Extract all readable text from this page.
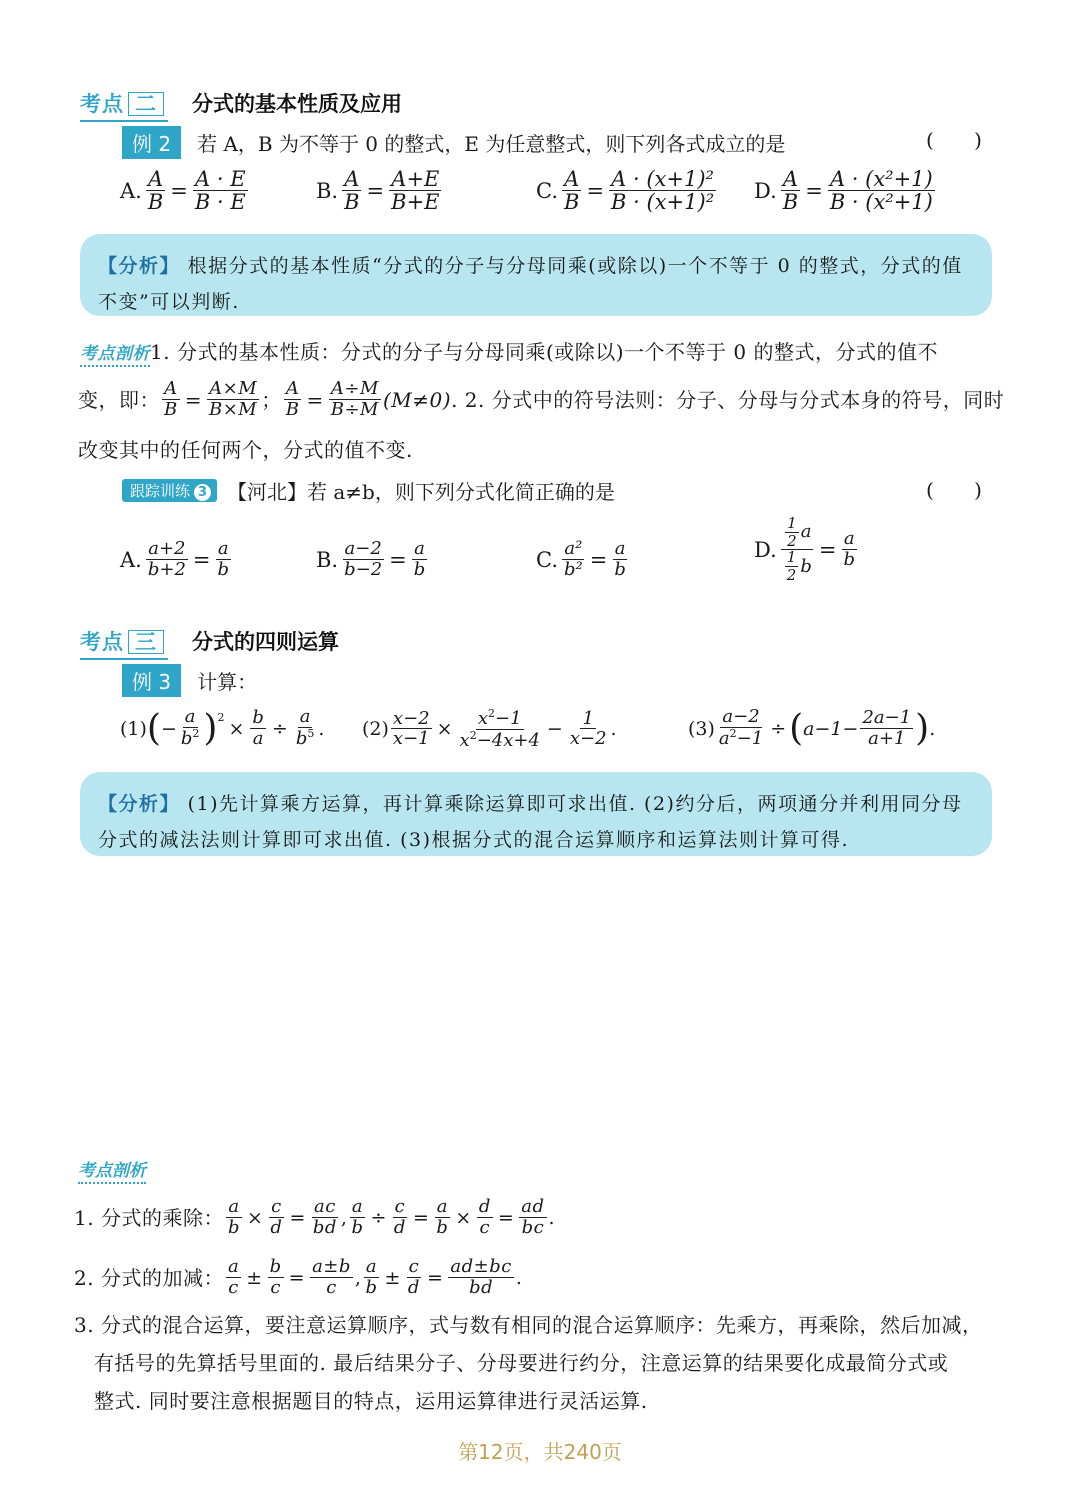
考点 二	分式的基本性质及应用
例 2	若 A，B 为不等于 0 的整式，E 为任意整式，则下列各式成立的是	( )
A. $\frac{A}{B} = \frac{A \cdot E}{B \cdot E}$	B. $\frac{A}{B} = \frac{A+E}{B+E}$	C. $\frac{A}{B} = \frac{\text{A · (x+1)²}}{\text{B · (x+1)²}} D$. $\frac{A}{B} = \frac{\text{A · (x²+1)}}{\text{B · (x²+1)}}$
【分析】 根据分式的基本性质“分式的分子与分母同乘(或除以)一个不等于 0 的整式，分式的值不变”可以判断.
考点剖析1. 分式的基本性质：分式的分子与分母同乘(或除以)一个不等于 0 的整式，分式的值不
变，即： $\frac{A}{B} = \frac{A\times M}{B\times M}$ ； $\frac{A}{B} = \frac{A\div M}{B\div M} (M\ne 0)$ . 2. 分式中的符号法则：分子、分母与分式本身的符号，同时
改变其中的任何两个，分式的值不变.
跟踪训练 3 【河北】 若 a≠b，则下列分式化简正确的是	( )
A. $\frac{a+2}{b+2} = \frac{a}{b}$	B. $\frac{a-2}{b-2} = \frac{a}{b}$	C. $\frac{\text{a²}}{\text{b²}} = \frac{a}{b}$	D. 1
2 a
1
2 $b = \frac{a}{b}$
考点 三	分式的四则运算
例 3	计算：
(1) ( − $\frac{a}{b^2}$ ) $2 \times \frac{b}{a} \div \frac{a}{b^5}$ . $(2) \frac{x-2}{x-1} \times \frac{x^2-1}{x^2-4x+4} - \frac{1}{x-2}$ .	$(3) \frac{a-2}{a^2-1}$ ÷ ( a−1−
2a−1
a+1 ) .
【分析】 (1)先计算乘方运算，再计算乘除运算即可求出值. (2)约分后，两项通分并利用同分母分式的减法法则计算即可求出值. (3)根据分式的混合运算顺序和运算法则计算可得.
考点剖析
1. 分式的乘除： $\frac{a}{b} \times \frac{c}{d} = \frac{ac}{bd}$ , $\frac{a}{b} \div \frac{c}{d} = \frac{a}{b} \times \frac{d}{c} = \frac{ad}{bc}$ .
2. 分式的加减： a
$c \pm \frac{b}{c} = \frac{a\pm b}{c}$ ,
a
$b \pm \frac{c}{d} = \frac{ad\pm bc}{bd}$ .
3. 分式的混合运算，要注意运算顺序，式与数有相同的混合运算顺序：先乘方，再乘除，然后加减，
有括号的先算括号里面的. 最后结果分子、分母要进行约分，注意运算的结果要化成最简分式或
整式. 同时要注意根据题目的特点，运用运算律进行灵活运算.
第12页，共240页
